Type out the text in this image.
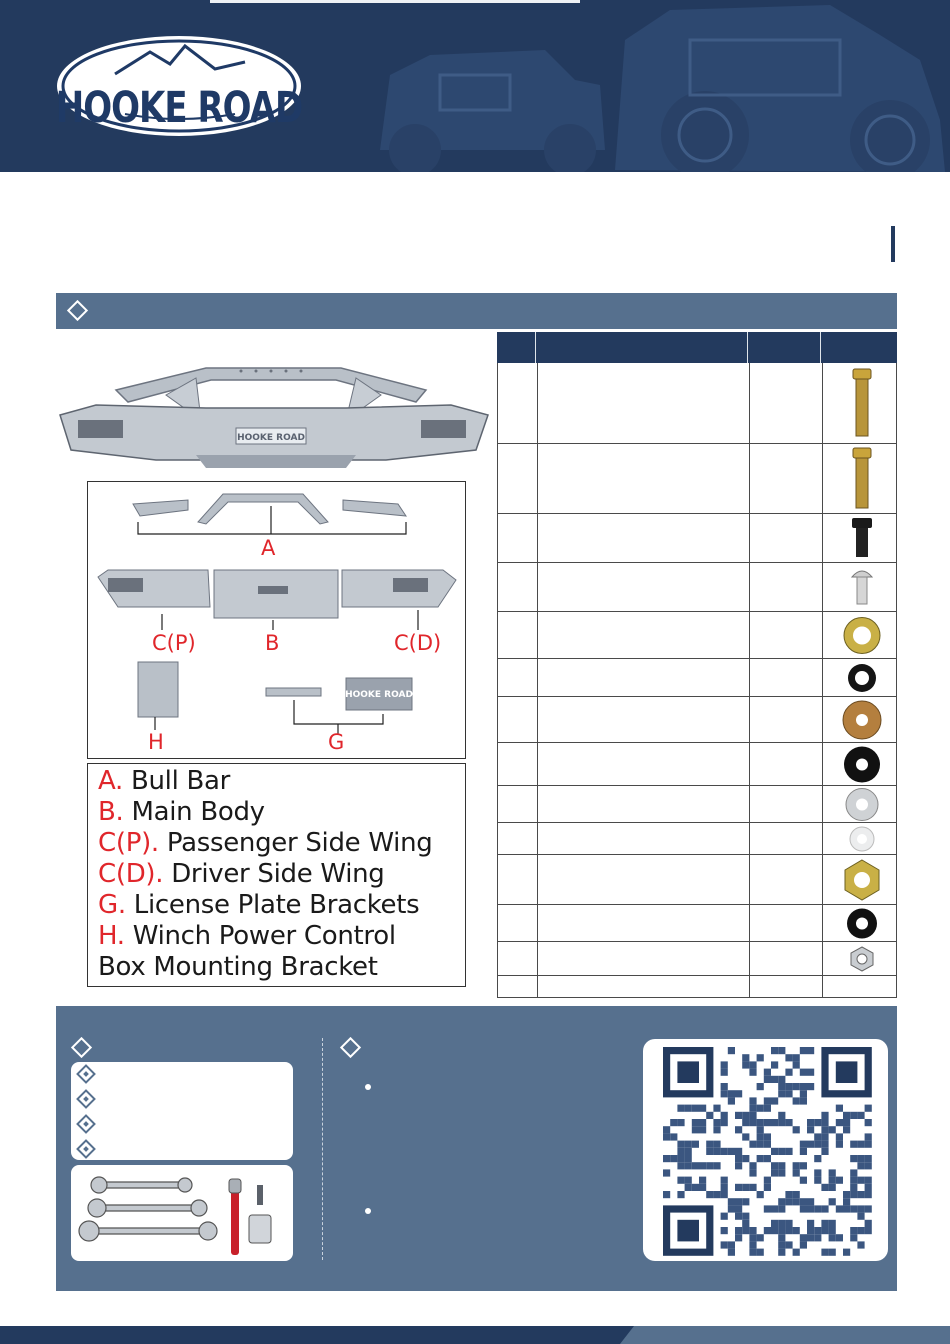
HOOKE ROAD
HOOKE ROAD
HOOKE ROAD
A
C(P)	B	C(D)
H	G
A. Bull Bar
B. Main Body
C(P). Passenger Side Wing
C(D). Driver Side Wing
G. License Plate Brackets
H. Winch Power Control
Box Mounting Bracket
